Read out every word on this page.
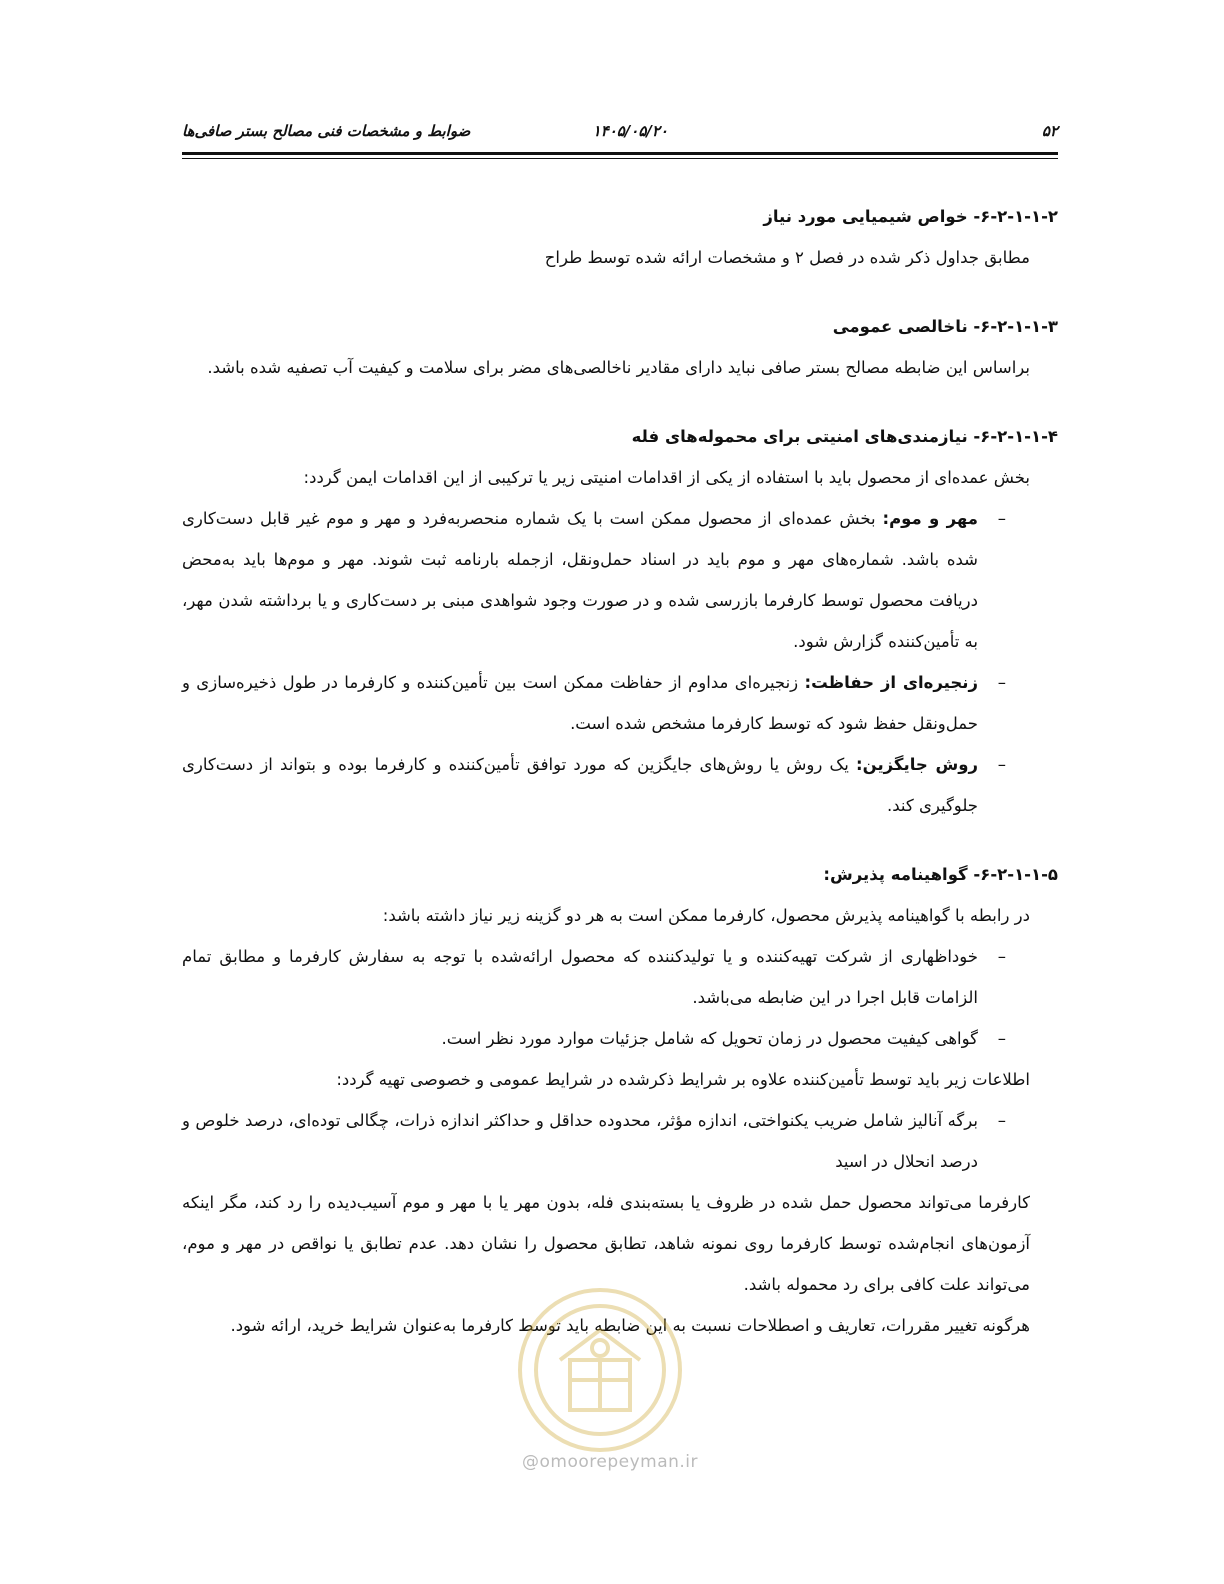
۵۲
۱۴۰۵/۰۵/۲۰
ضوابط و مشخصات فنی مصالح بستر صافی‌ها
۶-۲-۱-۱-۲- خواص شیمیایی مورد نیاز

مطابق جداول ذکر شده در فصل ۲ و مشخصات ارائه شده توسط طراح

۶-۲-۱-۱-۳- ناخالصی عمومی

براساس این ضابطه مصالح بستر صافی نباید دارای مقادیر ناخالصی‌های مضر برای سلامت و کیفیت آب تصفیه شده باشد.

۶-۲-۱-۱-۴- نیازمندی‌های امنیتی برای محموله‌های فله

بخش عمده‌ای از محصول باید با استفاده از یکی از اقدامات امنیتی زیر یا ترکیبی از این اقدامات ایمن گردد:

– مهر و موم: بخش عمده‌ای از محصول ممکن است با یک شماره منحصربه‌فرد و مهر و موم غیر قابل دست‌کاری شده باشد. شماره‌های مهر و موم باید در اسناد حمل‌ونقل، ازجمله بارنامه ثبت شوند. مهر و موم‌ها باید به‌محض دریافت محصول توسط کارفرما بازرسی شده و در صورت وجود شواهدی مبنی بر دست‌کاری و یا برداشته شدن مهر، به تأمین‌کننده گزارش شود.
– زنجیره‌ای از حفاظت: زنجیره‌ای مداوم از حفاظت ممکن است بین تأمین‌کننده و کارفرما در طول ذخیره‌سازی و حمل‌ونقل حفظ شود که توسط کارفرما مشخص شده است.
– روش جایگزین: یک روش یا روش‌های جایگزین که مورد توافق تأمین‌کننده و کارفرما بوده و بتواند از دست‌کاری جلوگیری کند.
۶-۲-۱-۱-۵- گواهینامه پذیرش:

در رابطه با گواهینامه پذیرش محصول، کارفرما ممکن است به هر دو گزینه زیر نیاز داشته باشد:

– خوداظهاری از شرکت تهیه‌کننده و یا تولیدکننده که محصول ارائه‌شده با توجه به سفارش کارفرما و مطابق تمام الزامات قابل اجرا در این ضابطه می‌باشد.
– گواهی کیفیت محصول در زمان تحویل که شامل جزئیات موارد مورد نظر است.

اطلاعات زیر باید توسط تأمین‌کننده علاوه بر شرایط ذکرشده در شرایط عمومی و خصوصی تهیه گردد:

– برگه آنالیز شامل ضریب یکنواختی، اندازه مؤثر، محدوده حداقل و حداکثر اندازه ذرات، چگالی توده‌ای، درصد خلوص و درصد انحلال در اسید

کارفرما می‌تواند محصول حمل شده در ظروف یا بسته‌بندی فله، بدون مهر یا با مهر و موم آسیب‌دیده را رد کند، مگر اینکه آزمون‌های انجام‌شده توسط کارفرما روی نمونه شاهد، تطابق محصول را نشان دهد. عدم تطابق یا نواقص در مهر و موم، می‌تواند علت کافی برای رد محموله باشد.

هرگونه تغییر مقررات، تعاریف و اصطلاحات نسبت به این ضابطه باید توسط کارفرما به‌عنوان شرایط خرید، ارائه شود.

@omoorepeyman.ir
